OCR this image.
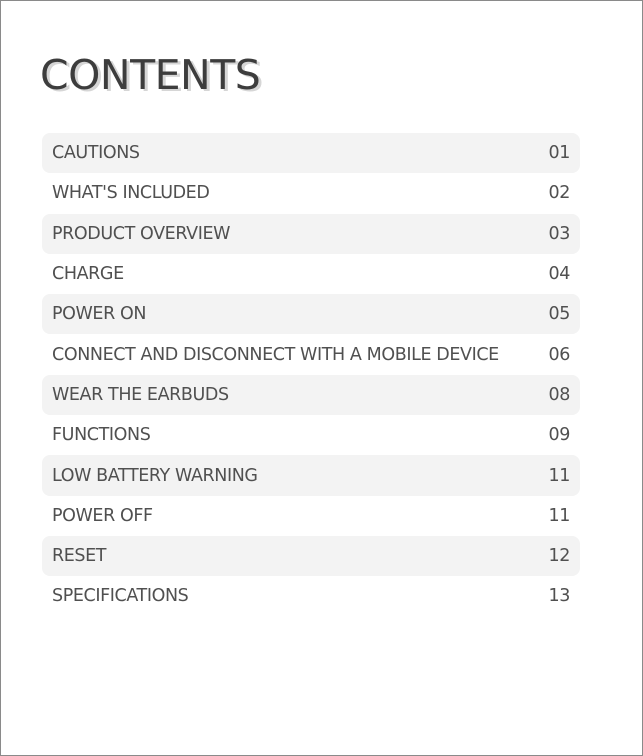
CONTENTS
CAUTIONS	01
WHAT'S INCLUDED	02
PRODUCT OVERVIEW	03
CHARGE	04
POWER ON	05
CONNECT AND DISCONNECT WITH A MOBILE DEVICE	06
WEAR THE EARBUDS	08
FUNCTIONS	09
LOW BATTERY WARNING	11
POWER OFF	11
RESET	12
SPECIFICATIONS	13
